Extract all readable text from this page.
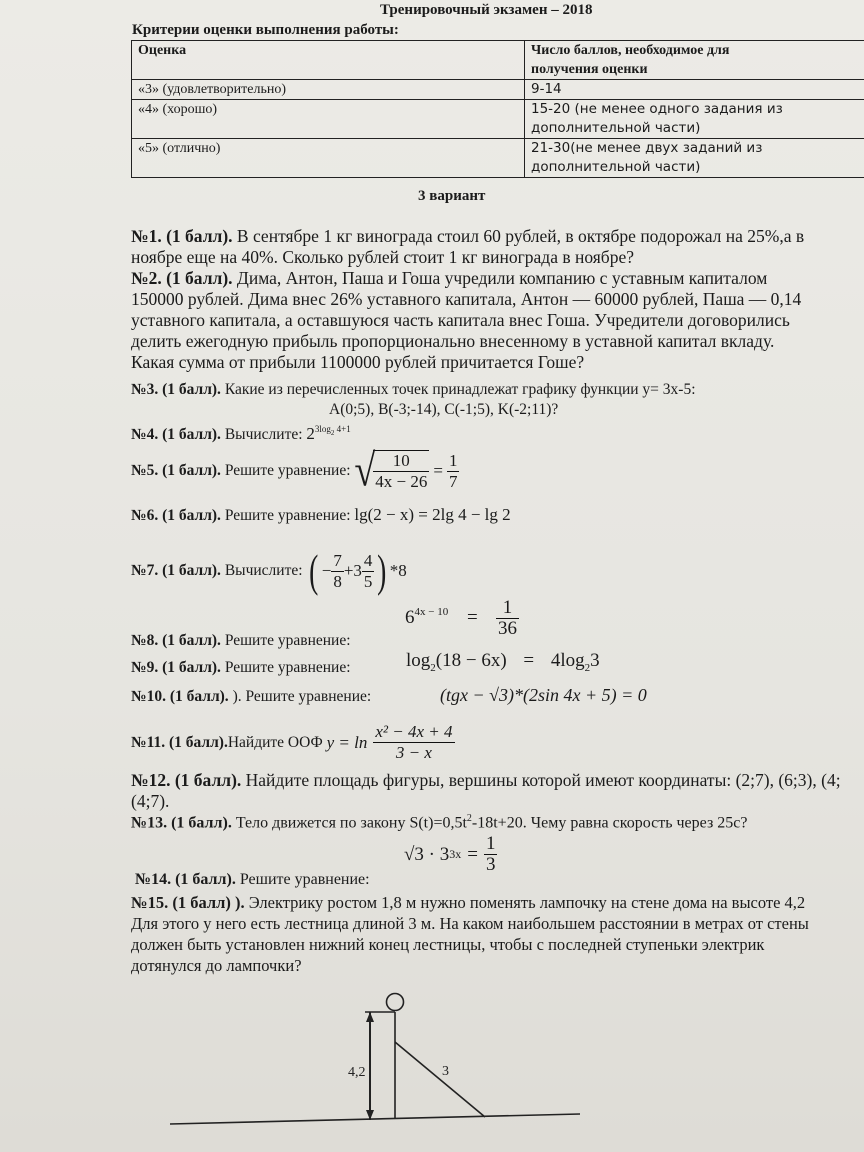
Тренировочный экзамен – 2018
Критерии оценки выполнения работы:
Оценка	Число баллов, необходимое для
получения оценки
«3» (удовлетворительно)	9-14
«4» (хорошо)	15-20 (не менее одного задания из
дополнительной части)
«5» (отлично)	21-30(не менее двух заданий из
дополнительной части)
3 вариант
№1. (1 балл). В сентябре 1 кг винограда стоил 60 рублей, в октябре подорожал на 25%,а в
ноябре еще на 40%. Сколько рублей стоит 1 кг винограда в ноябре?
№2. (1 балл). Дима, Антон, Паша и Гоша учредили компанию с уставным капиталом
150000 рублей. Дима внес 26% уставного капитала, Антон — 60000 рублей, Паша — 0,14
уставного капитала, а оставшуюся часть капитала внес Гоша. Учредители договорились
делить ежегодную прибыль пропорционально внесенному в уставной капитал вкладу.
Какая сумма от прибыли 1100000 рублей причитается Гоше?
№3. (1 балл). Какие из перечисленных точек принадлежат графику функции y= 3x-5:
A(0;5), B(-3;-14), C(-1;5), K(-2;11)?
№4. (1 балл). Вычислите: $2^{3log_2 4+1}$
№5. (1 балл). Решите уравнение: √
$\frac{10}{4x - 26} = \frac{1}{7}$
№6. (1 балл). Решите уравнение: lg(2 − x) = 2lg 4 − lg 2
№7. (1 балл). Вычислите: ( − $\frac{7}{8} +3 \frac{4}{5}$ ) *8
№8. (1 балл). Решите уравнение:
$6^{4x - 10} = \frac{1}{36}$
№9. (1 балл). Решите уравнение:	$\log_2(18 - 6x) = 4\log_23$
№10. (1 балл). ). Решите уравнение:	(tgx − √3)*(2sin 4x + 5) = 0
№11. (1 балл). Найдите ООФ $y = \ln \frac{\text{x² − 4x + 4}}{3 - x}$
№12. (1 балл). Найдите площадь фигуры, вершины которой имеют координаты: (2;7), (6;3), (4;
(4;7).
№13. (1 балл). Тело движется по закону $S(t)=0,5t^2-18t+20$. Чему равна скорость через 25с?
√3 · 3 $3x = \frac{1}{3}$
№14. (1 балл). Решите уравнение:
№15. (1 балл) ). Электрику ростом 1,8 м нужно поменять лампочку на стене дома на высоте 4,2
Для этого у него есть лестница длиной 3 м. На каком наибольшем расстоянии в метрах от стены
должен быть установлен нижний конец лестницы, чтобы с последней ступеньки электрик
дотянулся до лампочки?
4,2	3
